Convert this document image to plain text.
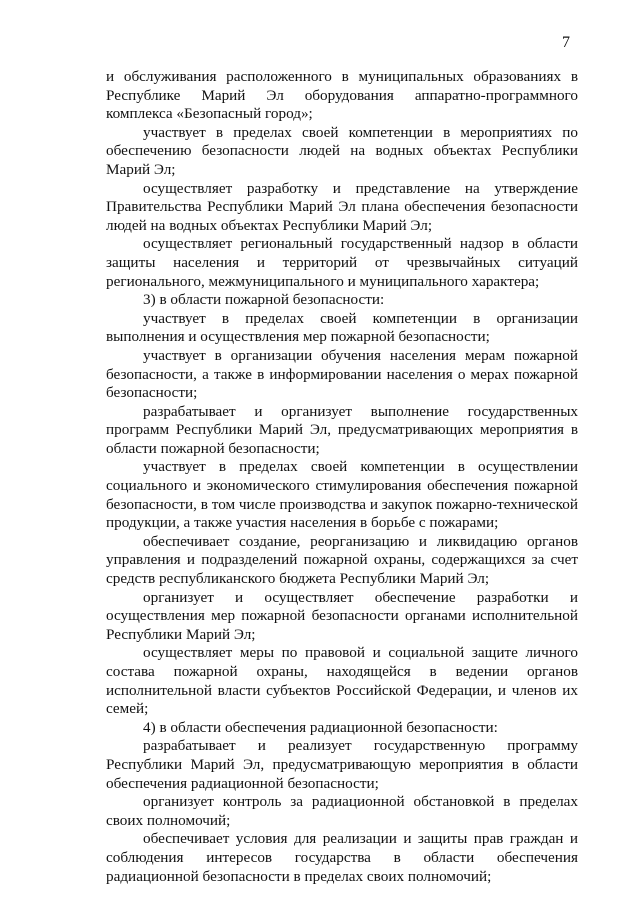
7

и обслуживания расположенного в муниципальных образованиях в Республике Марий Эл оборудования аппаратно-программного комплекса «Безопасный город»;

участвует в пределах своей компетенции в мероприятиях по обеспечению безопасности людей на водных объектах Республики Марий Эл;

осуществляет разработку и представление на утверждение Правительства Республики Марий Эл плана обеспечения безопасности людей на водных объектах Республики Марий Эл;

осуществляет региональный государственный надзор в области защиты населения и территорий от чрезвычайных ситуаций регионального, межмуниципального и муниципального характера;

3) в области пожарной безопасности:

участвует в пределах своей компетенции в организации выполнения и осуществления мер пожарной безопасности;

участвует в организации обучения населения мерам пожарной безопасности, а также в информировании населения о мерах пожарной безопасности;

разрабатывает и организует выполнение государственных программ Республики Марий Эл, предусматривающих мероприятия в области пожарной безопасности;

участвует в пределах своей компетенции в осуществлении социального и экономического стимулирования обеспечения пожарной безопасности, в том числе производства и закупок пожарно-технической продукции, а также участия населения в борьбе с пожарами;

обеспечивает создание, реорганизацию и ликвидацию органов управления и подразделений пожарной охраны, содержащихся за счет средств республиканского бюджета Республики Марий Эл;

организует и осуществляет обеспечение разработки и осуществления мер пожарной безопасности органами исполнительной Республики Марий Эл;

осуществляет меры по правовой и социальной защите личного состава пожарной охраны, находящейся в ведении органов исполнительной власти субъектов Российской Федерации, и членов их семей;

4) в области обеспечения радиационной безопасности:

разрабатывает и реализует государственную программу Республики Марий Эл, предусматривающую мероприятия в области обеспечения радиационной безопасности;

организует контроль за радиационной обстановкой в пределах своих полномочий;

обеспечивает условия для реализации и защиты прав граждан и соблюдения интересов государства в области обеспечения радиационной безопасности в пределах своих полномочий;
